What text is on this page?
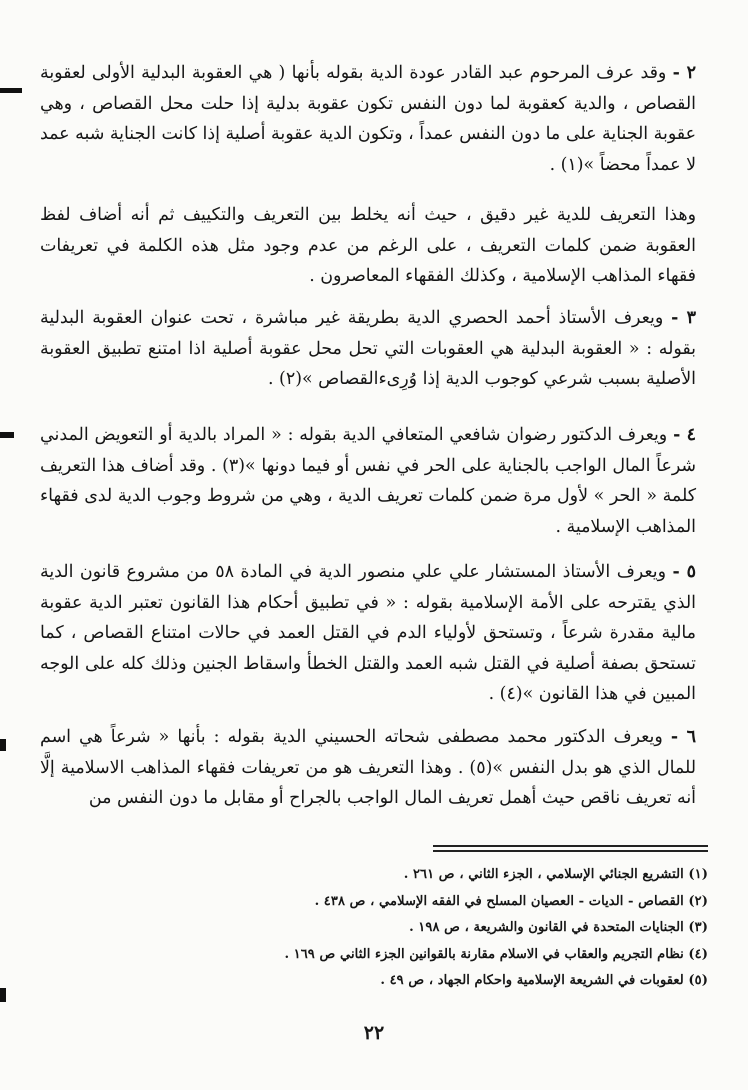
٢ - وقد عرف المرحوم عبد القادر عودة الدية بقوله بأنها ( هي العقوبة البدلية الأولى لعقوبة القصاص ، والدية كعقوبة لما دون النفس تكون عقوبة بدلية إذا حلت محل القصاص ، وهي عقوبة الجناية على ما دون النفس عمداً ، وتكون الدية عقوبة أصلية إذا كانت الجناية شبه عمد لا عمداً محضاً »(١) .

وهذا التعريف للدية غير دقيق ، حيث أنه يخلط بين التعريف والتكييف ثم أنه أضاف لفظ العقوبة ضمن كلمات التعريف ، على الرغم من عدم وجود مثل هذه الكلمة في تعريفات فقهاء المذاهب الإسلامية ، وكذلك الفقهاء المعاصرون .

٣ - ويعرف الأستاذ أحمد الحصري الدية بطريقة غير مباشرة ، تحت عنوان العقوبة البدلية بقوله : « العقوبة البدلية هي العقوبات التي تحل محل عقوبة أصلية اذا امتنع تطبيق العقوبة الأصلية بسبب شرعي كوجوب الدية إذا وُرِىءالقصاص »(٢) .

٤ - ويعرف الدكتور رضوان شافعي المتعافي الدية بقوله : « المراد بالدية أو التعويض المدني شرعاً المال الواجب بالجناية على الحر في نفس أو فيما دونها »(٣) . وقد أضاف هذا التعريف كلمة « الحر » لأول مرة ضمن كلمات تعريف الدية ، وهي من شروط وجوب الدية لدى فقهاء المذاهب الإسلامية .

٥ - ويعرف الأستاذ المستشار علي علي منصور الدية في المادة ٥٨ من مشروع قانون الدية الذي يقترحه على الأمة الإسلامية بقوله : « في تطبيق أحكام هذا القانون تعتبر الدية عقوبة مالية مقدرة شرعاً ، وتستحق لأولياء الدم في القتل العمد في حالات امتناع القصاص ، كما تستحق بصفة أصلية في القتل شبه العمد والقتل الخطأ واسقاط الجنين وذلك كله على الوجه المبين في هذا القانون »(٤) .

٦ - ويعرف الدكتور محمد مصطفى شحاته الحسيني الدية بقوله : بأنها « شرعاً هي اسم للمال الذي هو بدل النفس »(٥) . وهذا التعريف هو من تعريفات فقهاء المذاهب الاسلامية إلَّا أنه تعريف ناقص حيث أهمل تعريف المال الواجب بالجراح أو مقابل ما دون النفس من

(١) التشريع الجنائي الإسلامي ، الجزء الثاني ، ص ٢٦١ .
(٢) القصاص - الديات - العصيان المسلح في الفقه الإسلامي ، ص ٤٣٨ .
(٣) الجنايات المتحدة في القانون والشريعة ، ص ١٩٨ .
(٤) نظام التجريم والعقاب في الاسلام مقارنة بالقوانين الجزء الثاني ص ١٦٩ .
(٥) لعقوبات في الشريعة الإسلامية واحكام الجهاد ، ص ٤٩ .
٢٢
